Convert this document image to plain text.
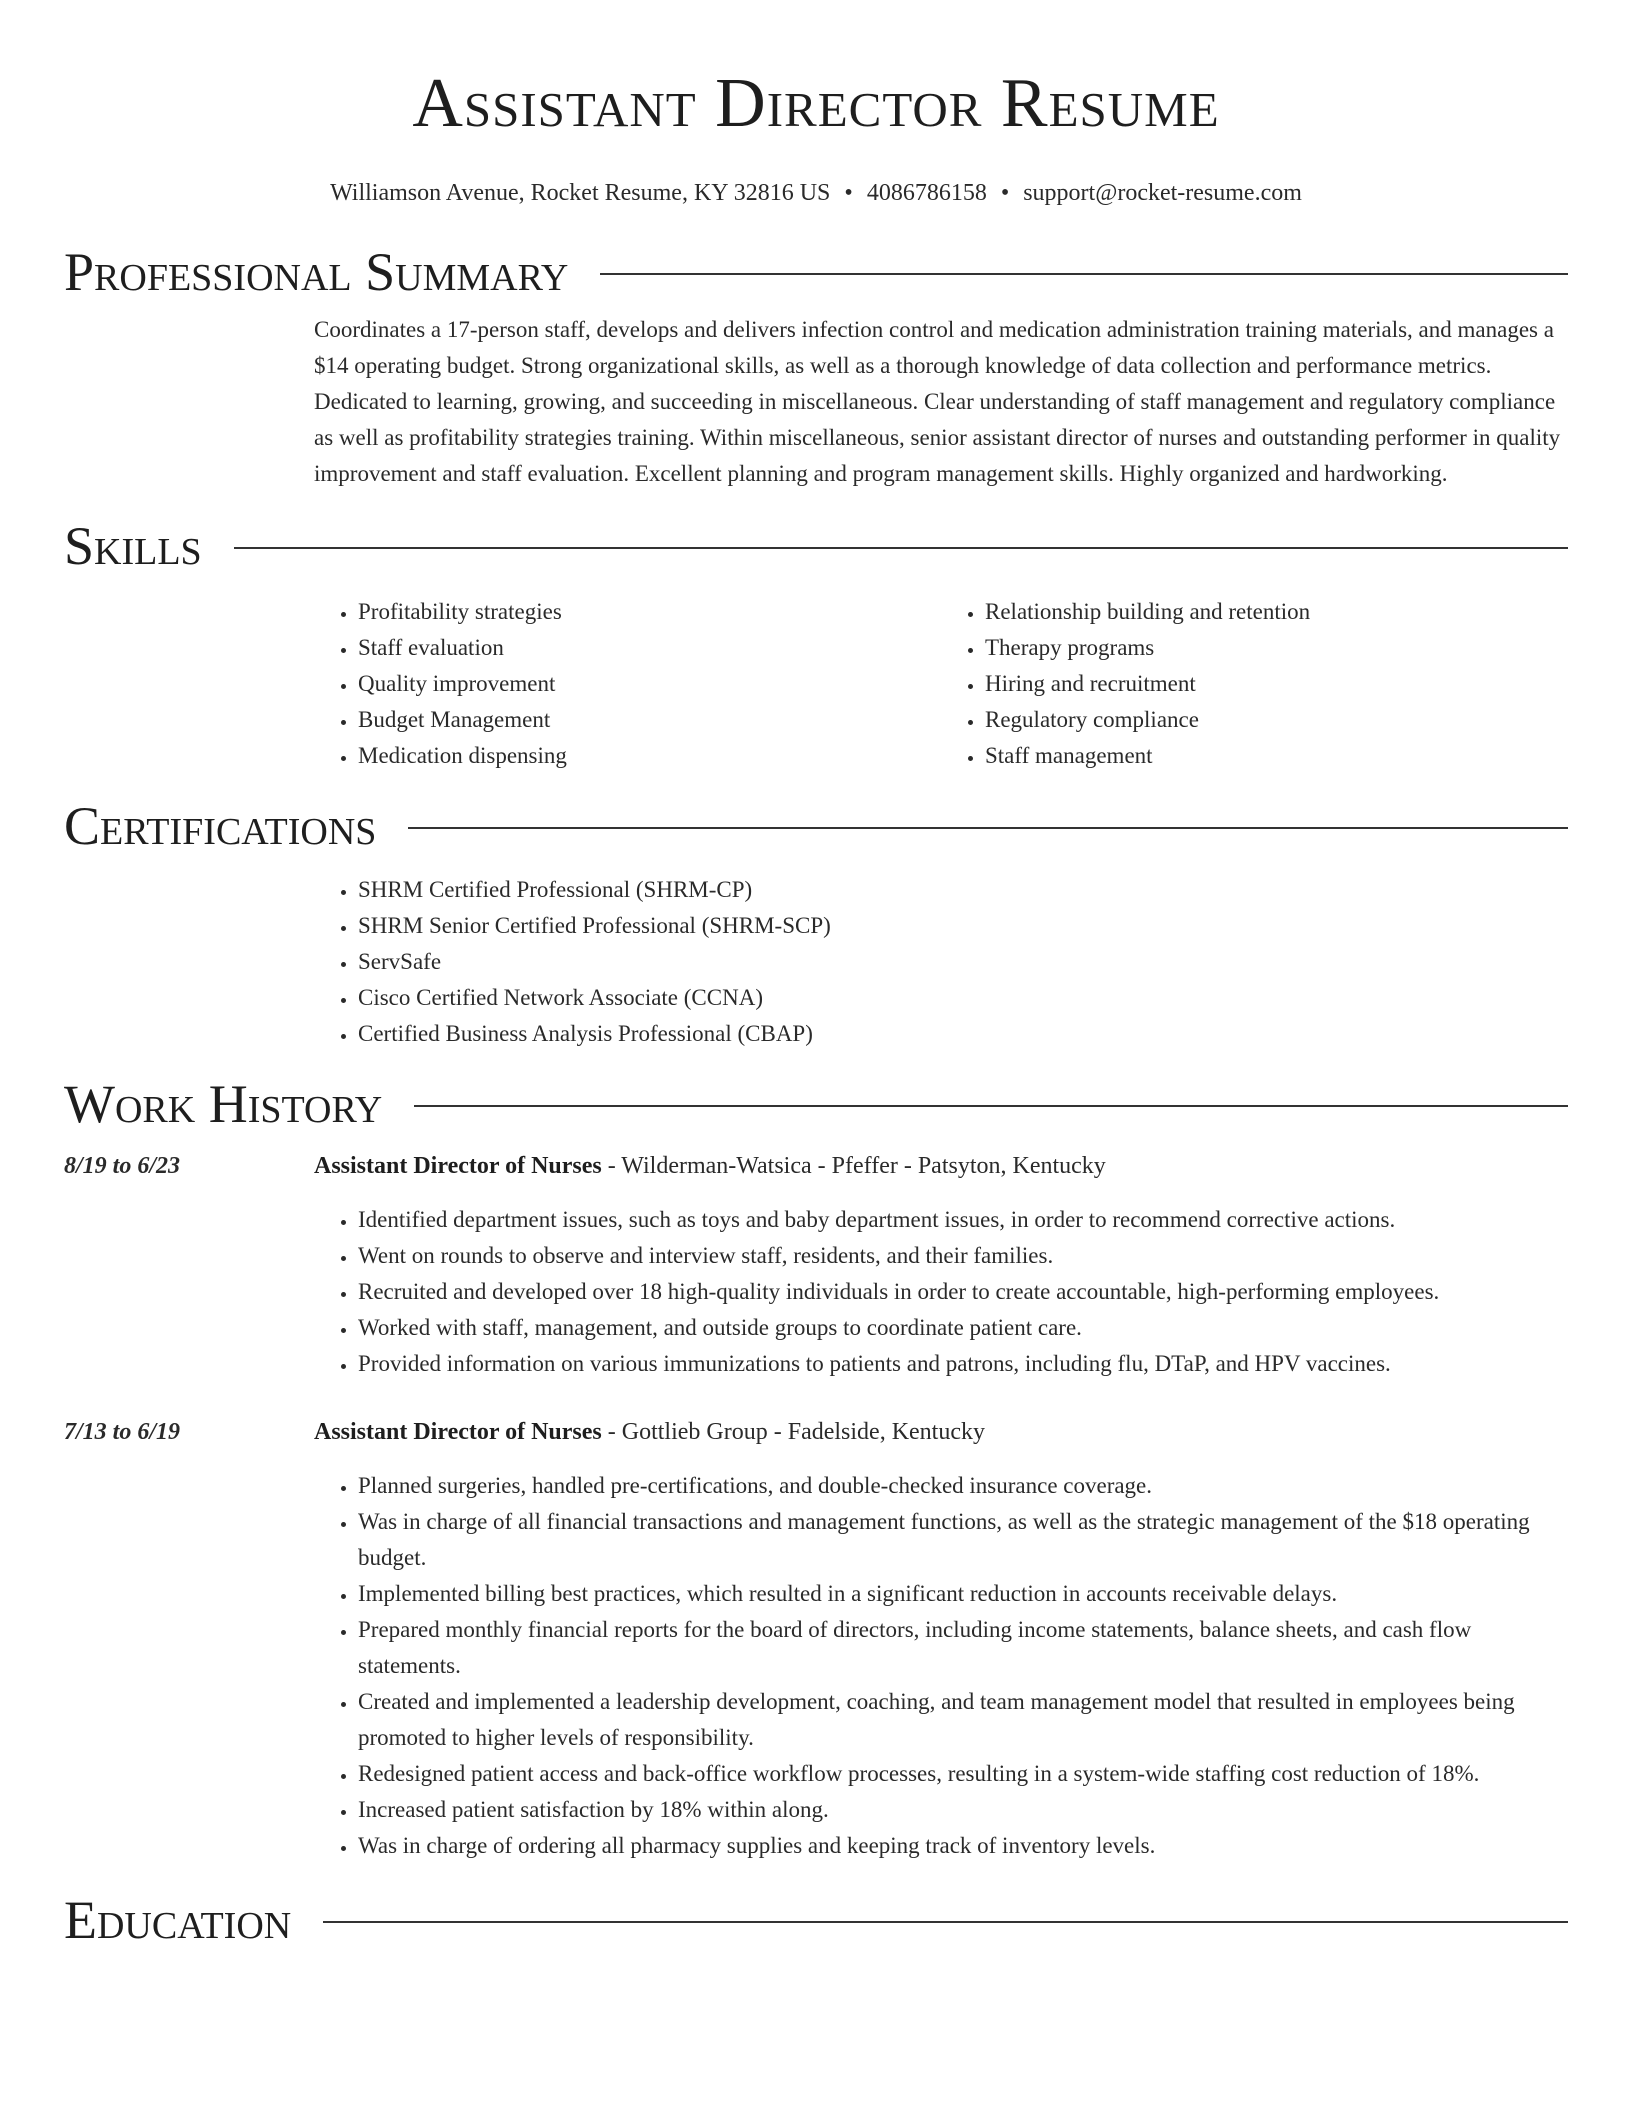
Assistant Director Resume
Williamson Avenue, Rocket Resume, KY 32816 US • 4086786158 • support@rocket-resume.com
Professional Summary
Coordinates a 17-person staff, develops and delivers infection control and medication administration training materials, and manages a $14 operating budget. Strong organizational skills, as well as a thorough knowledge of data collection and performance metrics. Dedicated to learning, growing, and succeeding in miscellaneous. Clear understanding of staff management and regulatory compliance as well as profitability strategies training. Within miscellaneous, senior assistant director of nurses and outstanding performer in quality improvement and staff evaluation. Excellent planning and program management skills. Highly organized and hardworking.
Skills
• Profitability strategies
• Staff evaluation
• Quality improvement
• Budget Management
• Medication dispensing
• Relationship building and retention
• Therapy programs
• Hiring and recruitment
• Regulatory compliance
• Staff management
Certifications
• SHRM Certified Professional (SHRM-CP)
• SHRM Senior Certified Professional (SHRM-SCP)
• ServSafe
• Cisco Certified Network Associate (CCNA)
• Certified Business Analysis Professional (CBAP)
Work History
8/19 to 6/23	Assistant Director of Nurses - Wilderman-Watsica - Pfeffer - Patsyton, Kentucky
• Identified department issues, such as toys and baby department issues, in order to recommend corrective actions.
• Went on rounds to observe and interview staff, residents, and their families.
• Recruited and developed over 18 high-quality individuals in order to create accountable, high-performing employees.
• Worked with staff, management, and outside groups to coordinate patient care.
• Provided information on various immunizations to patients and patrons, including flu, DTaP, and HPV vaccines.
7/13 to 6/19	Assistant Director of Nurses - Gottlieb Group - Fadelside, Kentucky
• Planned surgeries, handled pre-certifications, and double-checked insurance coverage.
• Was in charge of all financial transactions and management functions, as well as the strategic management of the $18 operating budget.
• Implemented billing best practices, which resulted in a significant reduction in accounts receivable delays.
• Prepared monthly financial reports for the board of directors, including income statements, balance sheets, and cash flow statements.
• Created and implemented a leadership development, coaching, and team management model that resulted in employees being promoted to higher levels of responsibility.
• Redesigned patient access and back-office workflow processes, resulting in a system-wide staffing cost reduction of 18%.
• Increased patient satisfaction by 18% within along.
• Was in charge of ordering all pharmacy supplies and keeping track of inventory levels.
Education
